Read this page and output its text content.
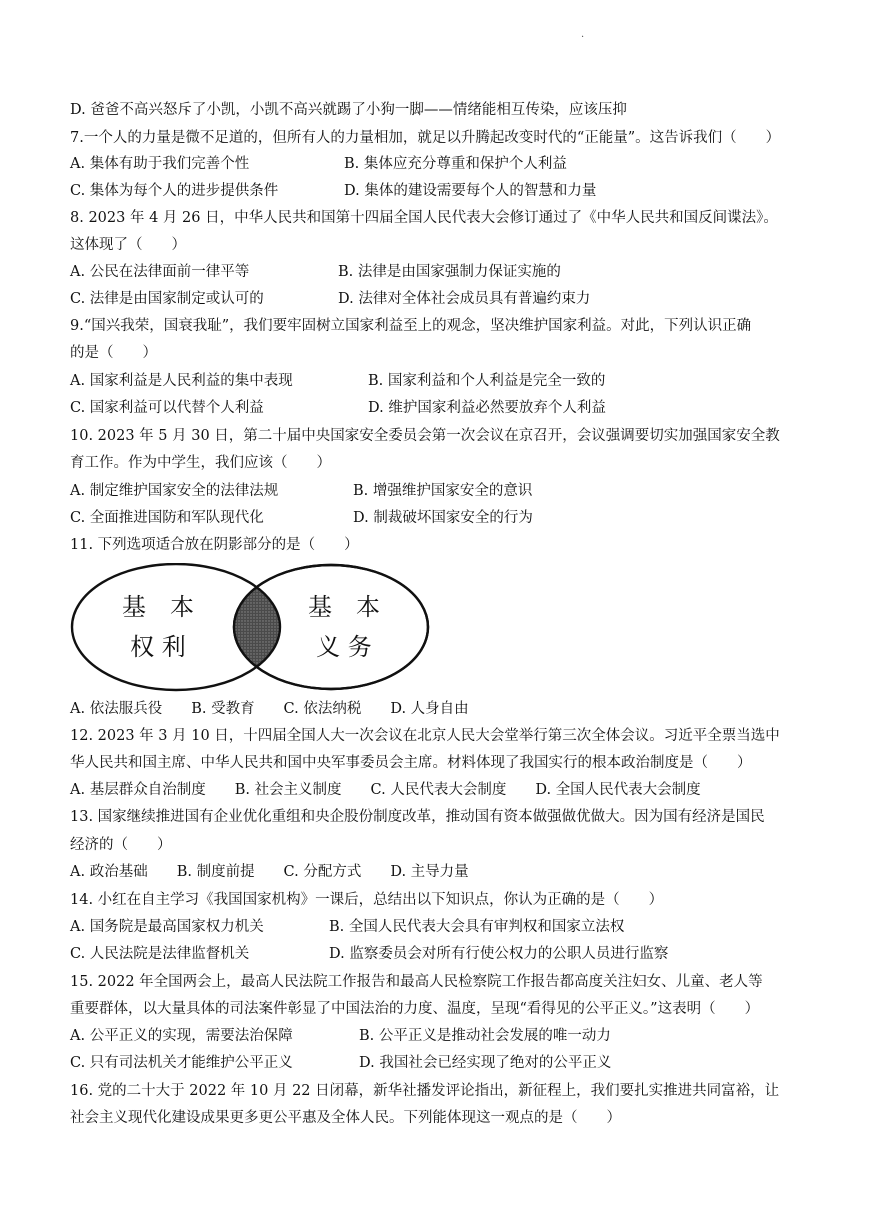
·
D. 爸爸不高兴怒斥了小凯，小凯不高兴就踢了小狗一脚——情绪能相互传染，应该压抑
7.一个人的力量是微不足道的，但所有人的力量相加，就足以升腾起改变时代的“正能量”。这告诉我们（　　）
A. 集体有助于我们完善个性	B. 集体应充分尊重和保护个人利益
C. 集体为每个人的进步提供条件	D. 集体的建设需要每个人的智慧和力量
8. 2023 年 4 月 26 日，中华人民共和国第十四届全国人民代表大会修订通过了《中华人民共和国反间谍法》。
这体现了（　　）
A. 公民在法律面前一律平等	B. 法律是由国家强制力保证实施的
C. 法律是由国家制定或认可的	D. 法律对全体社会成员具有普遍约束力
9.“国兴我荣，国衰我耻”，我们要牢固树立国家利益至上的观念，坚决维护国家利益。对此，下列认识正确
的是（　　）
A. 国家利益是人民利益的集中表现	B. 国家利益和个人利益是完全一致的
C. 国家利益可以代替个人利益	D. 维护国家利益必然要放弃个人利益
10. 2023 年 5 月 30 日，第二十届中央国家安全委员会第一次会议在京召开，会议强调要切实加强国家安全教
育工作。作为中学生，我们应该（　　）
A. 制定维护国家安全的法律法规	B. 增强维护国家安全的意识
C. 全面推进国防和军队现代化	D. 制裁破坏国家安全的行为
11. 下列选项适合放在阴影部分的是（　　）
A. 依法服兵役　　B. 受教育　　C. 依法纳税　　D. 人身自由
12. 2023 年 3 月 10 日，十四届全国人大一次会议在北京人民大会堂举行第三次全体会议。习近平全票当选中
华人民共和国主席、中华人民共和国中央军事委员会主席。材料体现了我国实行的根本政治制度是（　　）
A. 基层群众自治制度　　B. 社会主义制度　　C. 人民代表大会制度　　D. 全国人民代表大会制度
13. 国家继续推进国有企业优化重组和央企股份制度改革，推动国有资本做强做优做大。因为国有经济是国民
经济的（　　）
A. 政治基础　　B. 制度前提　　C. 分配方式　　D. 主导力量
14. 小红在自主学习《我国国家机构》一课后，总结出以下知识点，你认为正确的是（　　）
A. 国务院是最高国家权力机关	B. 全国人民代表大会具有审判权和国家立法权
C. 人民法院是法律监督机关	D. 监察委员会对所有行使公权力的公职人员进行监察
15. 2022 年全国两会上，最高人民法院工作报告和最高人民检察院工作报告都高度关注妇女、儿童、老人等
重要群体，以大量具体的司法案件彰显了中国法治的力度、温度，呈现“看得见的公平正义。”这表明（　　）
A. 公平正义的实现，需要法治保障	B. 公平正义是推动社会发展的唯一动力
C. 只有司法机关才能维护公平正义	D. 我国社会已经实现了绝对的公平正义
16. 党的二十大于 2022 年 10 月 22 日闭幕，新华社播发评论指出，新征程上，我们要扎实推进共同富裕，让
社会主义现代化建设成果更多更公平惠及全体人民。下列能体现这一观点的是（　　）
基　本
权 利
基　本
义 务
